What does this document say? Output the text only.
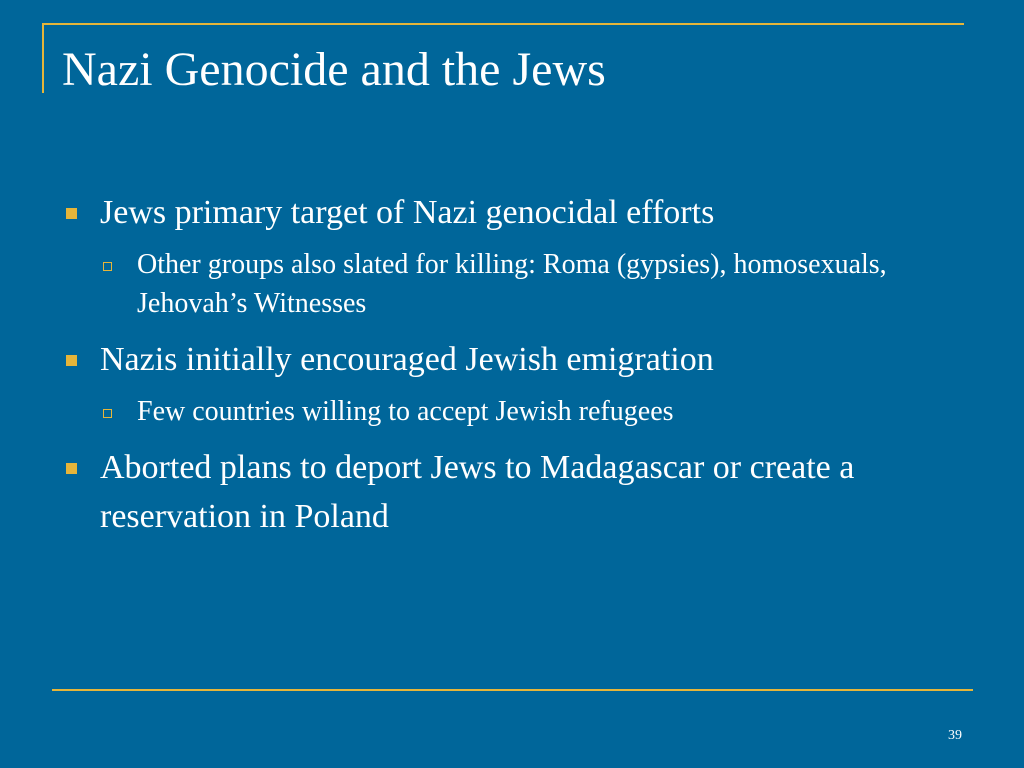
Nazi Genocide and the Jews
Jews primary target of Nazi genocidal efforts
Other groups also slated for killing: Roma (gypsies), homosexuals, Jehovah’s Witnesses
Nazis initially encouraged Jewish emigration
Few countries willing to accept Jewish refugees
Aborted plans to deport Jews to Madagascar or create a reservation in Poland
39
